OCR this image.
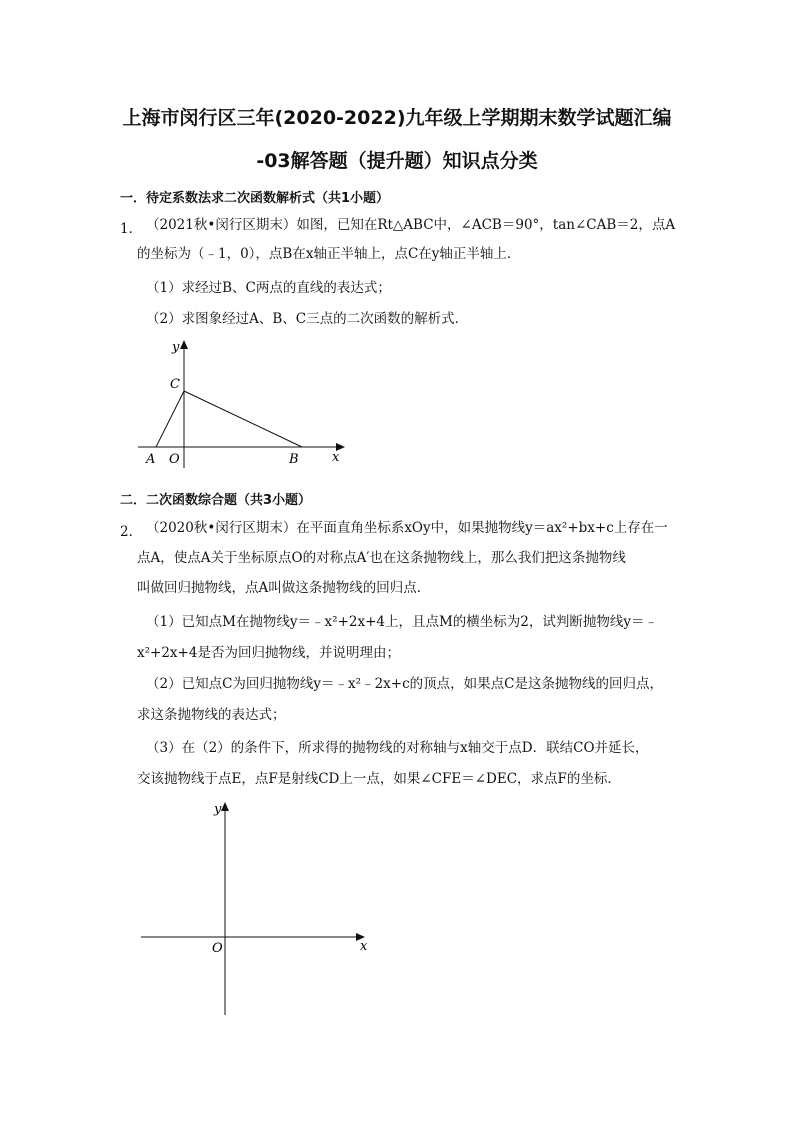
上海市闵行区三年(2020-2022)九年级上学期期末数学试题汇编
-03解答题（提升题）知识点分类
一．待定系数法求二次函数解析式（共1小题）
1． （2021秋•闵行区期末）如图，已知在Rt△ABC中，∠ACB＝90°，tan∠CAB＝2，点A
的坐标为（﹣1，0），点B在x轴正半轴上，点C在y轴正半轴上．
（1）求经过B、C两点的直线的表达式；
（2）求图象经过A、B、C三点的二次函数的解析式．
y
C
A O	B	x
二．二次函数综合题（共3小题）
2． （2020秋•闵行区期末）在平面直角坐标系xOy中，如果抛物线y＝ax²+bx+c上存在一
点A，使点A关于坐标原点O的对称点A′也在这条抛物线上，那么我们把这条抛物线
叫做回归抛物线，点A叫做这条抛物线的回归点．
（1）已知点M在抛物线y＝﹣x²+2x+4上，且点M的横坐标为2，试判断抛物线y＝﹣
x²+2x+4是否为回归抛物线，并说明理由；
（2）已知点C为回归抛物线y＝﹣x²﹣2x+c的顶点，如果点C是这条抛物线的回归点，
求这条抛物线的表达式；
（3）在（2）的条件下，所求得的抛物线的对称轴与x轴交于点D．联结CO并延长，
交该抛物线于点E，点F是射线CD上一点，如果∠CFE＝∠DEC，求点F的坐标．
y
O	x
